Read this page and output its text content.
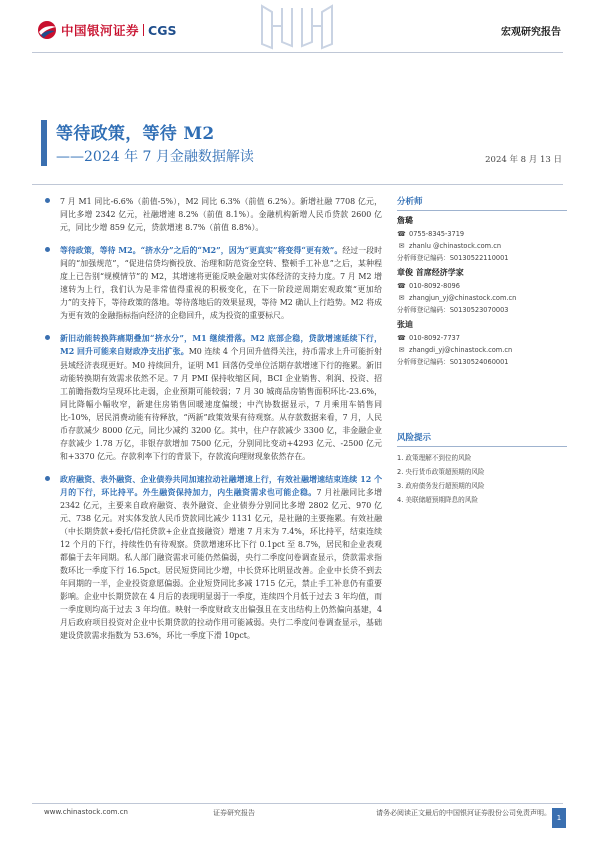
中国银河证券 CGS	宏观研究报告
等待政策，等待 M2
——2024 年 7 月金融数据解读	2024 年 8 月 13 日
7 月 M1 同比-6.6%（前值-5%），M2 同比 6.3%（前值 6.2%）。新增社融 7708 亿元，同比多增 2342 亿元，社融增速 8.2%（前值 8.1%）。金融机构新增人民币贷款 2600 亿元，同比少增 859 亿元，贷款增速 8.7%（前值 8.8%）。
等待政策，等待 M2。“挤水分”之后的“M2”，因为“更真实”将变得“更有效”。经过一段时间的“加强规范”，“促进信贷均衡投放、治理和防范资金空转、整顿手工补息”之后，某种程度上已告别“规模情节”的 M2，其增速将更能反映金融对实体经济的支持力度。7 月 M2 增速转为上行，我们认为是非常值得重视的积极变化，在下一阶段逆周期宏观政策“更加给力”的支持下，等待政策的落地。等待落地后的效果显现，等待 M2 确认上行趋势。M2 将成为更有效的金融指标指向经济的企稳回升，成为投资的重要标尺。
新旧动能转换阵痛期叠加“挤水分”，M1 继续滑落。M2 底部企稳，贷款增速延续下行，M2 回升可能来自财政净支出扩张。M0 连续 4 个月回升值得关注，持币需求上升可能折射县域经济表现更好。M0 持续回升，证明 M1 回落仍受单位活期存款增速下行的拖累。新旧动能转换期有效需求依然不足。7 月 PMI 保持收缩区间，BCI 企业销售、利润、投资、招工前瞻指数均呈现环比走弱，企业预期可能较弱；7 月 30 城商品房销售面积环比-23.6%，同比降幅小幅收窄，新建住房销售回暖速度偏缓；中汽协数据显示，7 月乘用车销售同比-10%，居民消费动能有待释放，“两新”政策效果有待观察。从存款数据来看，7 月，人民币存款减少 8000 亿元，同比少减约 3200 亿。其中，住户存款减少 3300 亿，非金融企业存款减少 1.78 万亿，非银存款增加 7500 亿元，分别同比变动+4293 亿元、-2500 亿元和+3370 亿元。存款利率下行的背景下，存款流向理财现象依然存在。
政府融资、表外融资、企业债券共同加速拉动社融增速上行，有效社融增速结束连续 12 个月的下行，环比持平。外生融资保持加力，内生融资需求也可能企稳。7 月社融同比多增 2342 亿元，主要来自政府融资、表外融资、企业债券分别同比多增 2802 亿元、970 亿元、738 亿元。对实体发放人民币贷款同比减少 1131 亿元，是社融的主要拖累。有效社融（中长期贷款+委托/信托贷款+企业直接融资）增速 7 月末为 7.4%，环比持平，结束连续 12 个月的下行，持续性仍有待观察。贷款增速环比下行 0.1pct 至 8.7%，居民和企业表观都偏于去年同期。私人部门融资需求可能仍然偏弱，央行二季度问卷调查显示，贷款需求指数环比一季度下行 16.5pct。居民短贷同比少增，中长贷环比明显改善。企业中长贷不到去年同期的一半，企业投资意愿偏弱。企业短贷同比多减 1715 亿元，禁止手工补息仍有重要影响。企业中长期贷款在 4 月后的表现明显弱于一季度，连续四个月低于过去 3 年均值，而一季度则均高于过去 3 年均值。映射一季度财政支出偏强且在支出结构上仍然偏向基建，4 月后政府项目投资对企业中长期贷款的拉动作用可能减弱。央行二季度问卷调查显示，基础建设贷款需求指数为 53.6%，环比一季度下滑 10pct。
分析师
詹璐
☎ 0755-8345-3719
✉ zhanlu @chinastock.com.cn
分析师登记编码：S0130522110001
章俊 首席经济学家
☎ 010-8092-8096
✉ zhangjun_yj@chinastock.com.cn
分析师登记编码：S0130523070003
张迪
☎ 010-8092-7737
✉ zhangdi_yj@chinastock.com.cn
分析师登记编码：S0130524060001
风险提示
1. 政策理解不到位的风险
2. 央行货币政策超预期的风险
3. 政府债务发行超预期的风险
4. 美联储超预期降息的风险
www.chinastock.com.cn	证券研究报告	请务必阅读正文最后的中国银河证券股份公司免责声明。
1
